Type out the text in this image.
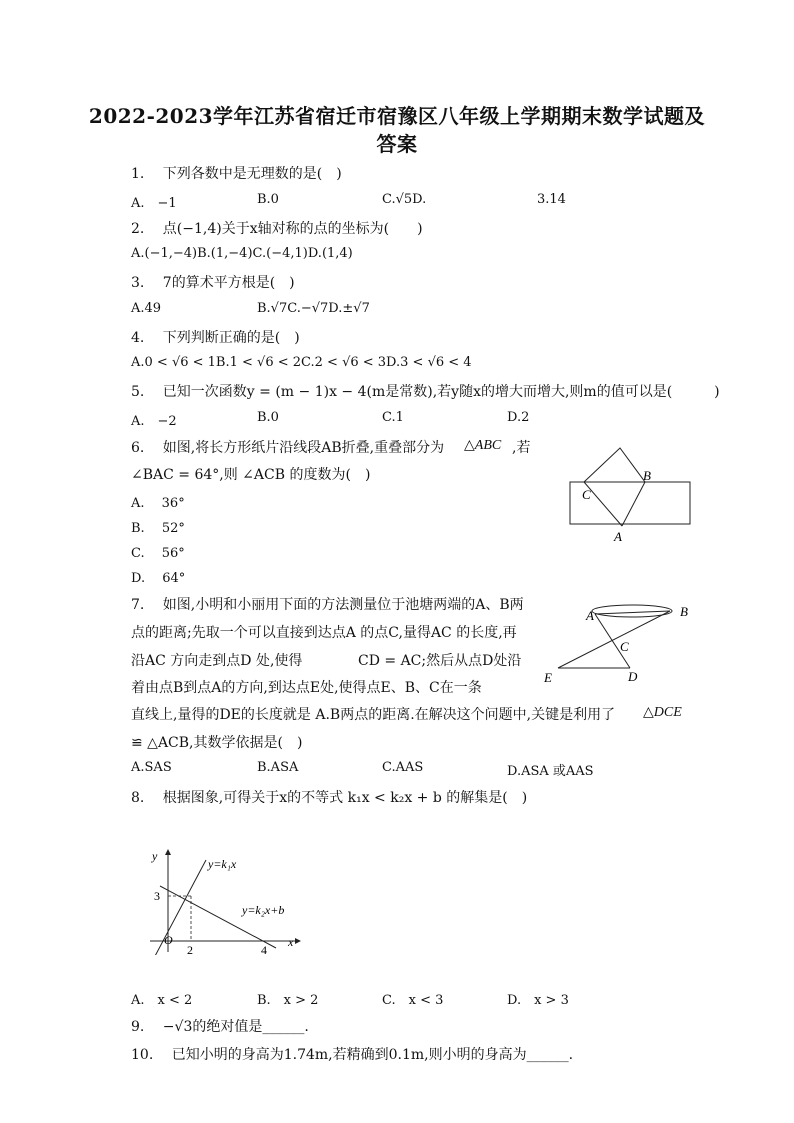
2022-2023学年江苏省宿迁市宿豫区八年级上学期期末数学试题及
答案
1.　 下列各数中是无理数的是(　)
A.　−1	B.0	C.√5D.	3.14
2.　 点(−1,4)关于x轴对称的点的坐标为(　　)
A.(−1,−4)B.(1,−4)C.(−4,1)D.(1,4)
3.　 7的算术平方根是(　)
A.49	B.√7C.−√7D.±√7
4.　 下列判断正确的是(　)
A.0 < √6 < 1B.1 < √6 < 2C.2 < √6 < 3D.3 < √6 < 4
5.　 已知一次函数y = (m − 1)x − 4(m是常数),若y随x的增大而增大,则m的值可以是(　　　)
A.　−2	B.0	C.1	D.2
6.　 如图,将长方形纸片沿线段AB折叠,重叠部分为 △ABC ,若
∠BAC = 64°,则 ∠ACB 的度数为(　)
A.　 36°
B.　 52°
C.　 56°
D.　 64°
B
C
A
7.　 如图,小明和小丽用下面的方法测量位于池塘两端的A、B两
点的距离;先取一个可以直接到达点A 的点C,量得AC 的长度,再
沿AC 方向走到点D 处,使得	CD = AC;然后从点D处沿
着由点B到点A的方向,到达点E处,使得点E、B、C在一条
直线上,量得的DE的长度就是 A.B两点的距离.在解决这个问题中,关键是利用了 △DCE
≌ △ACB,其数学依据是(　)
A.SAS	B.ASA	C.AAS	D.ASA 或AAS
A	B
C
D
E
8.　 根据图象,可得关于x的不等式 k₁x < k₂x + b 的解集是(　)
y
x
O
3
2	4
y=k₁x
y=k₂x+b
A.　x < 2	B.　x > 2	C.　x < 3	D.　x > 3
9.　 −√3的绝对值是______.
10.　 已知小明的身高为1.74m,若精确到0.1m,则小明的身高为______.
